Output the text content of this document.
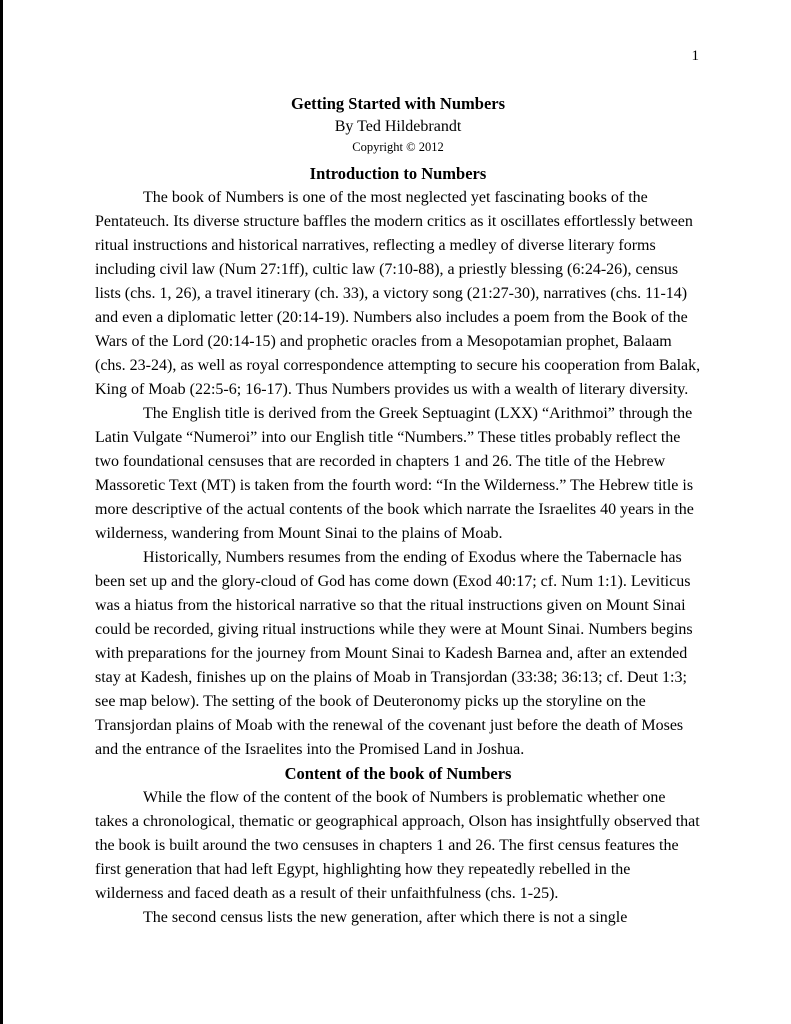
1
Getting Started with Numbers
By Ted Hildebrandt
Copyright © 2012
Introduction to Numbers

The book of Numbers is one of the most neglected yet fascinating books of the Pentateuch. Its diverse structure baffles the modern critics as it oscillates effortlessly between ritual instructions and historical narratives, reflecting a medley of diverse literary forms including civil law (Num 27:1ff), cultic law (7:10-88), a priestly blessing (6:24-26), census lists (chs. 1, 26), a travel itinerary (ch. 33), a victory song (21:27-30), narratives (chs. 11-14) and even a diplomatic letter (20:14-19). Numbers also includes a poem from the Book of the Wars of the Lord (20:14-15) and prophetic oracles from a Mesopotamian prophet, Balaam (chs. 23-24), as well as royal correspondence attempting to secure his cooperation from Balak, King of Moab (22:5-6; 16-17). Thus Numbers provides us with a wealth of literary diversity.

The English title is derived from the Greek Septuagint (LXX) “Arithmoi” through the Latin Vulgate “Numeroi” into our English title “Numbers.” These titles probably reflect the two foundational censuses that are recorded in chapters 1 and 26. The title of the Hebrew Massoretic Text (MT) is taken from the fourth word: “In the Wilderness.” The Hebrew title is more descriptive of the actual contents of the book which narrate the Israelites 40 years in the wilderness, wandering from Mount Sinai to the plains of Moab.

Historically, Numbers resumes from the ending of Exodus where the Tabernacle has been set up and the glory-cloud of God has come down (Exod 40:17; cf. Num 1:1). Leviticus was a hiatus from the historical narrative so that the ritual instructions given on Mount Sinai could be recorded, giving ritual instructions while they were at Mount Sinai. Numbers begins with preparations for the journey from Mount Sinai to Kadesh Barnea and, after an extended stay at Kadesh, finishes up on the plains of Moab in Transjordan (33:38; 36:13; cf. Deut 1:3; see map below). The setting of the book of Deuteronomy picks up the storyline on the Transjordan plains of Moab with the renewal of the covenant just before the death of Moses and the entrance of the Israelites into the Promised Land in Joshua.

Content of the book of Numbers

While the flow of the content of the book of Numbers is problematic whether one takes a chronological, thematic or geographical approach, Olson has insightfully observed that the book is built around the two censuses in chapters 1 and 26. The first census features the first generation that had left Egypt, highlighting how they repeatedly rebelled in the wilderness and faced death as a result of their unfaithfulness (chs. 1-25).

The second census lists the new generation, after which there is not a single
